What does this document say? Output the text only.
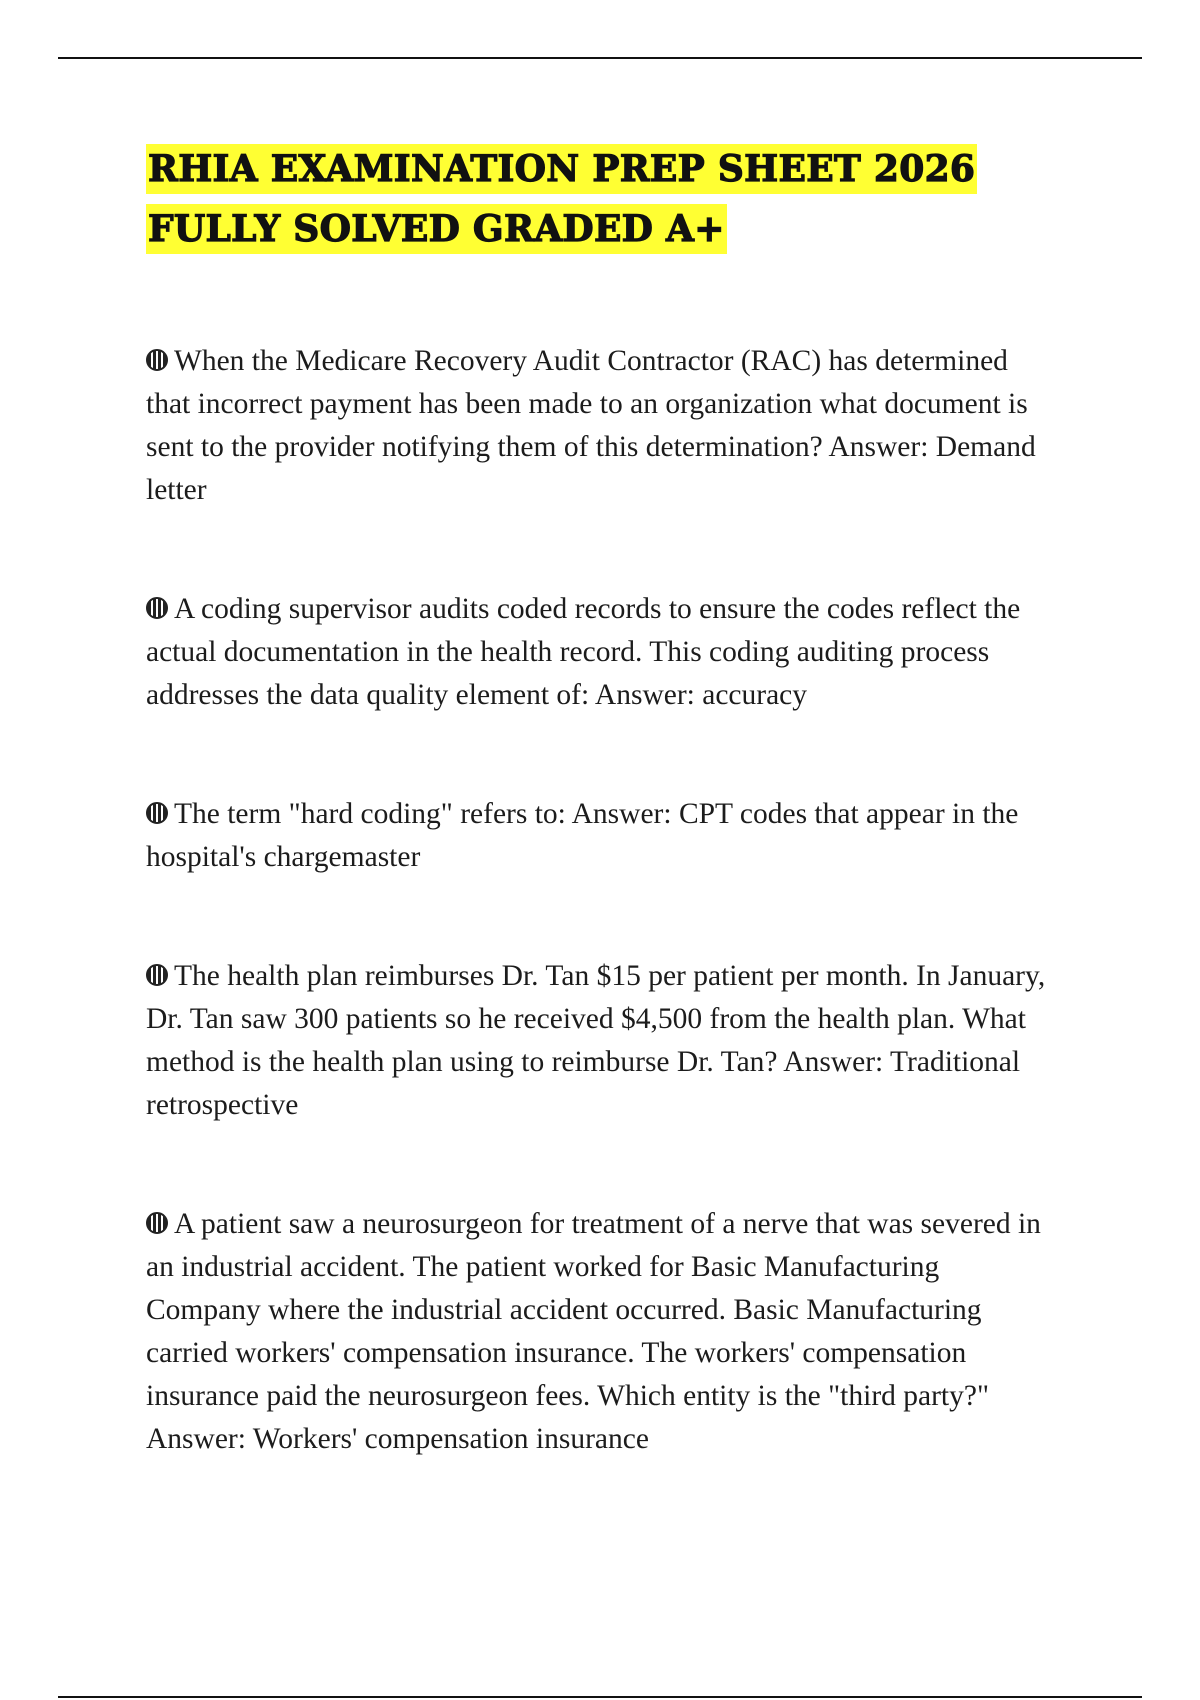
RHIA EXAMINATION PREP SHEET 2026
FULLY SOLVED GRADED A+
When the Medicare Recovery Audit Contractor (RAC) has determined that incorrect payment has been made to an organization what document is sent to the provider notifying them of this determination? Answer: Demand letter
A coding supervisor audits coded records to ensure the codes reflect the actual documentation in the health record. This coding auditing process addresses the data quality element of: Answer: accuracy
The term "hard coding" refers to: Answer: CPT codes that appear in the hospital's chargemaster
The health plan reimburses Dr. Tan $15 per patient per month. In January, Dr. Tan saw 300 patients so he received $4,500 from the health plan. What method is the health plan using to reimburse Dr. Tan? Answer: Traditional retrospective
A patient saw a neurosurgeon for treatment of a nerve that was severed in an industrial accident. The patient worked for Basic Manufacturing Company where the industrial accident occurred. Basic Manufacturing carried workers' compensation insurance. The workers' compensation insurance paid the neurosurgeon fees. Which entity is the "third party?" Answer: Workers' compensation insurance
